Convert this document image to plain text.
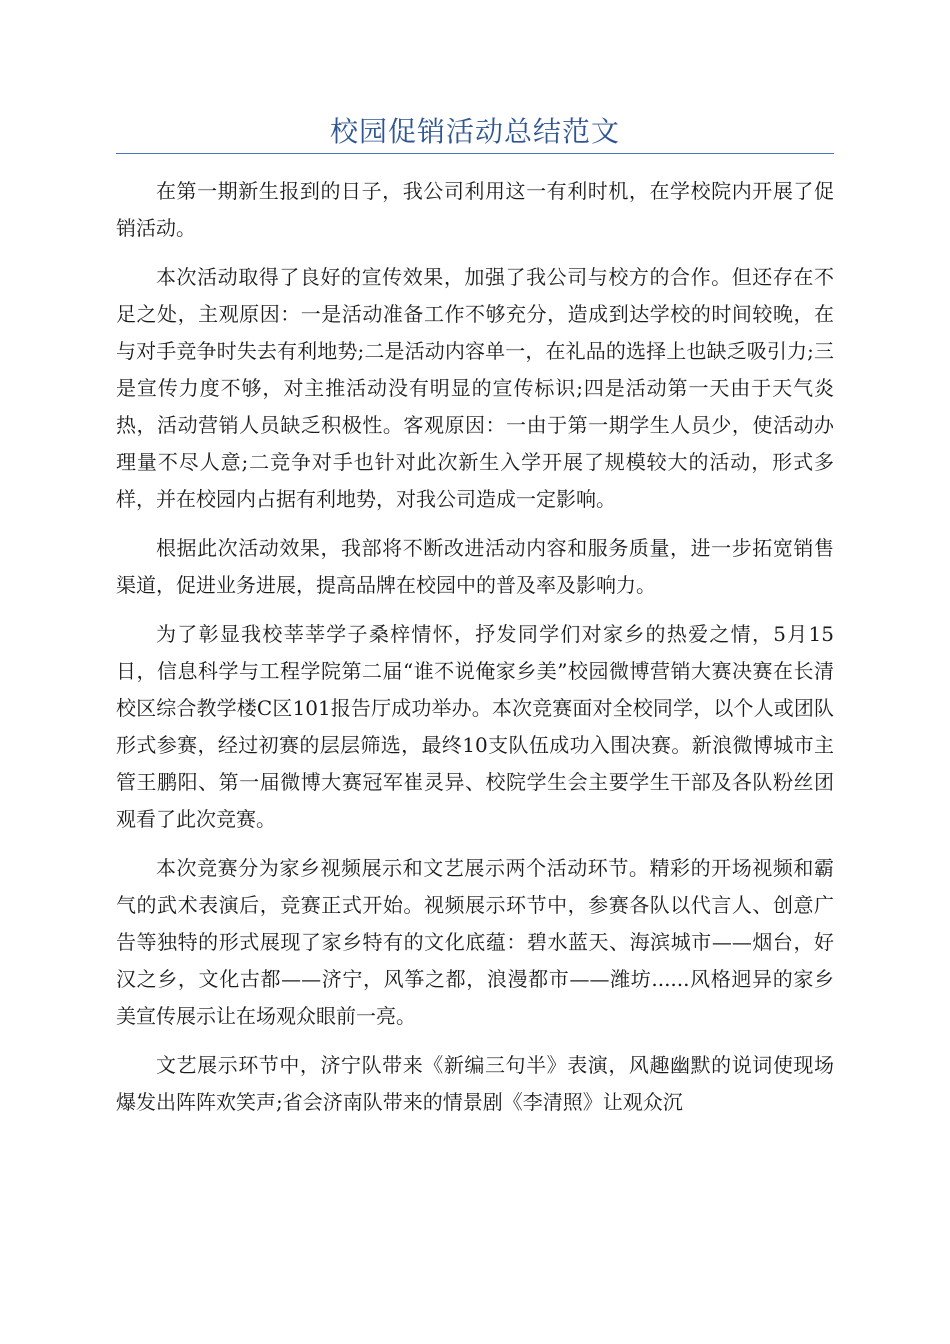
校园促销活动总结范文

在第一期新生报到的日子，我公司利用这一有利时机，在学校院内开展了促销活动。

本次活动取得了良好的宣传效果，加强了我公司与校方的合作。但还存在不足之处，主观原因：一是活动准备工作不够充分，造成到达学校的时间较晚，在与对手竞争时失去有利地势;二是活动内容单一，在礼品的选择上也缺乏吸引力;三是宣传力度不够，对主推活动没有明显的宣传标识;四是活动第一天由于天气炎热，活动营销人员缺乏积极性。客观原因：一由于第一期学生人员少，使活动办理量不尽人意;二竞争对手也针对此次新生入学开展了规模较大的活动，形式多样，并在校园内占据有利地势，对我公司造成一定影响。

根据此次活动效果，我部将不断改进活动内容和服务质量，进一步拓宽销售渠道，促进业务进展，提高品牌在校园中的普及率及影响力。

为了彰显我校莘莘学子桑梓情怀，抒发同学们对家乡的热爱之情，5月15日，信息科学与工程学院第二届“谁不说俺家乡美”校园微博营销大赛决赛在长清校区综合教学楼C区101报告厅成功举办。本次竞赛面对全校同学，以个人或团队形式参赛，经过初赛的层层筛选，最终10支队伍成功入围决赛。新浪微博城市主管王鹏阳、第一届微博大赛冠军崔灵异、校院学生会主要学生干部及各队粉丝团观看了此次竞赛。

本次竞赛分为家乡视频展示和文艺展示两个活动环节。精彩的开场视频和霸气的武术表演后，竞赛正式开始。视频展示环节中，参赛各队以代言人、创意广告等独特的形式展现了家乡特有的文化底蕴：碧水蓝天、海滨城市——烟台，好汉之乡，文化古都——济宁，风筝之都，浪漫都市——潍坊......风格迥异的家乡美宣传展示让在场观众眼前一亮。

文艺展示环节中，济宁队带来《新编三句半》表演，风趣幽默的说词使现场爆发出阵阵欢笑声;省会济南队带来的情景剧《李清照》让观众沉
